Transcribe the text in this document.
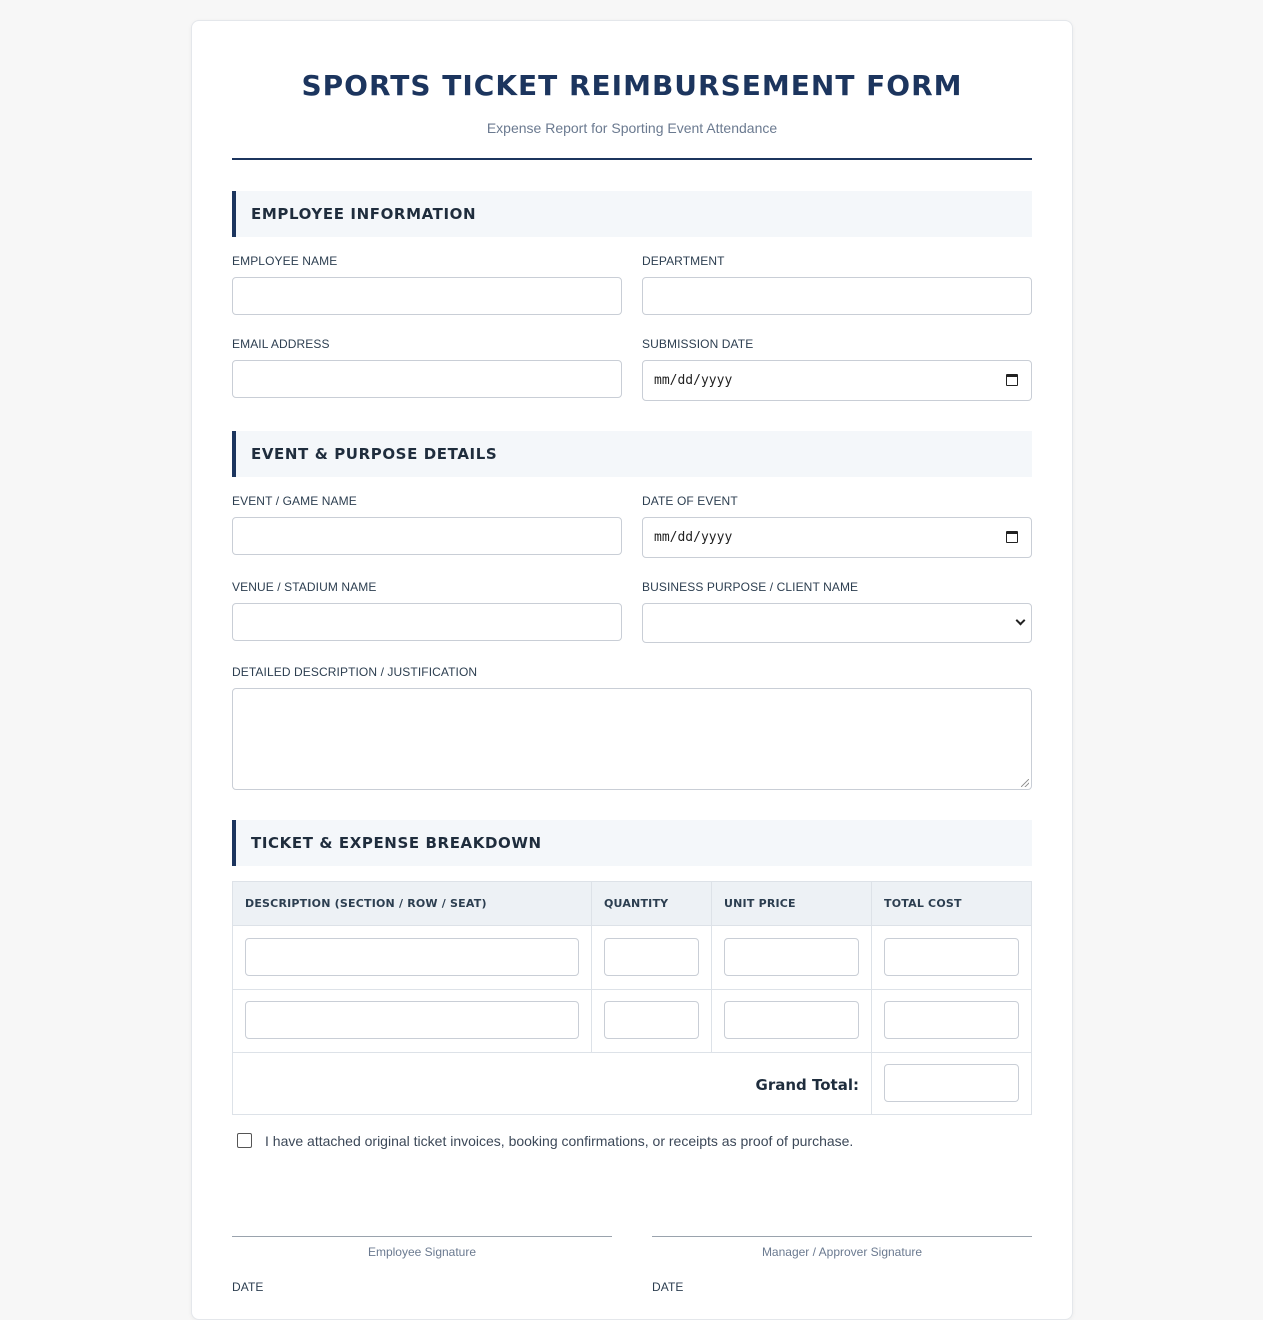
SPORTS TICKET REIMBURSEMENT FORM
Expense Report for Sporting Event Attendance
EMPLOYEE INFORMATION
EMPLOYEE NAME	DEPARTMENT
EMAIL ADDRESS	SUBMISSION DATE
mm/dd/yyyy
EVENT & PURPOSE DETAILS
EVENT / GAME NAME	DATE OF EVENT
mm/dd/yyyy
VENUE / STADIUM NAME	BUSINESS PURPOSE / CLIENT NAME
DETAILED DESCRIPTION / JUSTIFICATION
TICKET & EXPENSE BREAKDOWN
DESCRIPTION (SECTION / ROW / SEAT)	QUANTITY	UNIT PRICE	TOTAL COST
Grand Total:
I have attached original ticket invoices, booking confirmations, or receipts as proof of purchase.
Employee Signature	Manager / Approver Signature
DATE	DATE
